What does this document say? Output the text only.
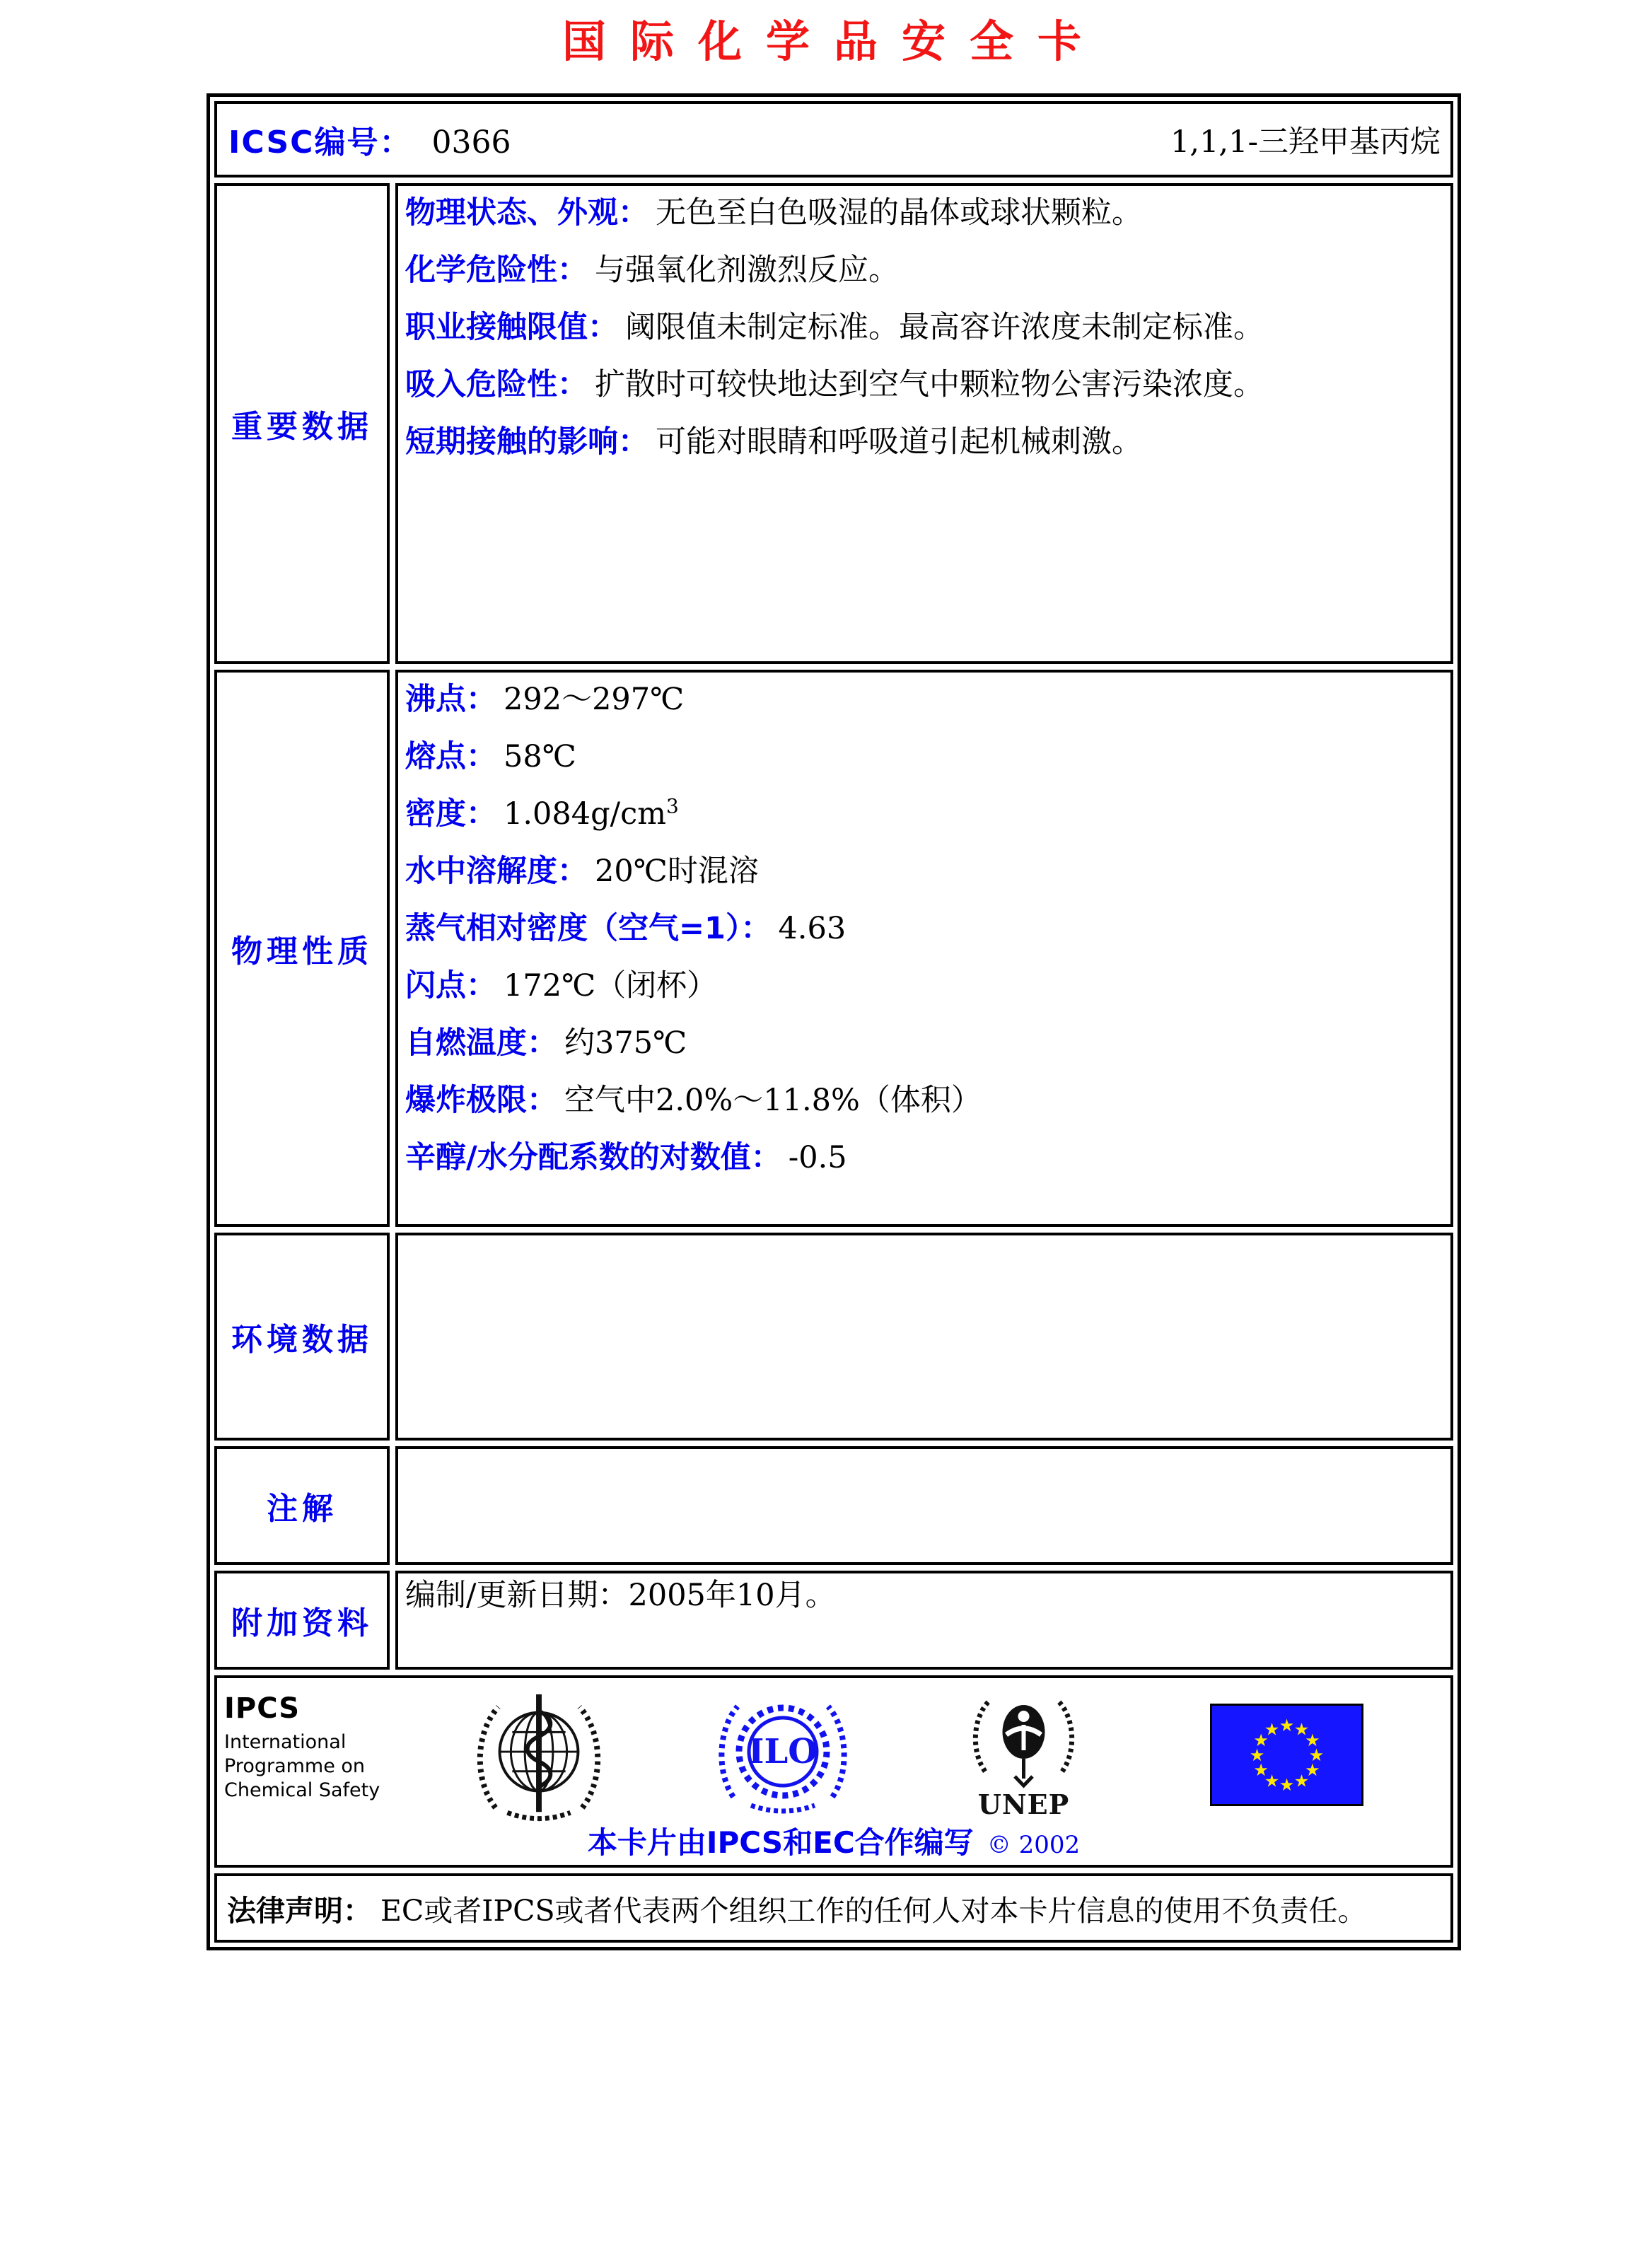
国际化学品安全卡
ICSC编号： 0366	1,1,1-三羟甲基丙烷
重要数据
物理状态、外观： 无色至白色吸湿的晶体或球状颗粒。
化学危险性： 与强氧化剂激烈反应。
职业接触限值： 阈限值未制定标准。最高容许浓度未制定标准。
吸入危险性： 扩散时可较快地达到空气中颗粒物公害污染浓度。
短期接触的影响： 可能对眼睛和呼吸道引起机械刺激。
物理性质
沸点： 292～297℃
熔点： 58℃
密度： $1.084g/cm^3$
水中溶解度： 20℃时混溶
蒸气相对密度（空气=1）： 4.63
闪点： 172℃（闭杯）
自燃温度： 约375℃
爆炸极限： 空气中2.0%～11.8%（体积）
辛醇/水分配系数的对数值： -0.5
环境数据
注解
附加资料
编制/更新日期：2005年10月。
IPCS
International
Programme on
Chemical Safety
ILO
UNEP
★ ★
★
★
★
★
★
★
★
★
★
★
本卡片由IPCS和EC合作编写 © 2002
法律声明： EC或者IPCS或者代表两个组织工作的任何人对本卡片信息的使用不负责任。
